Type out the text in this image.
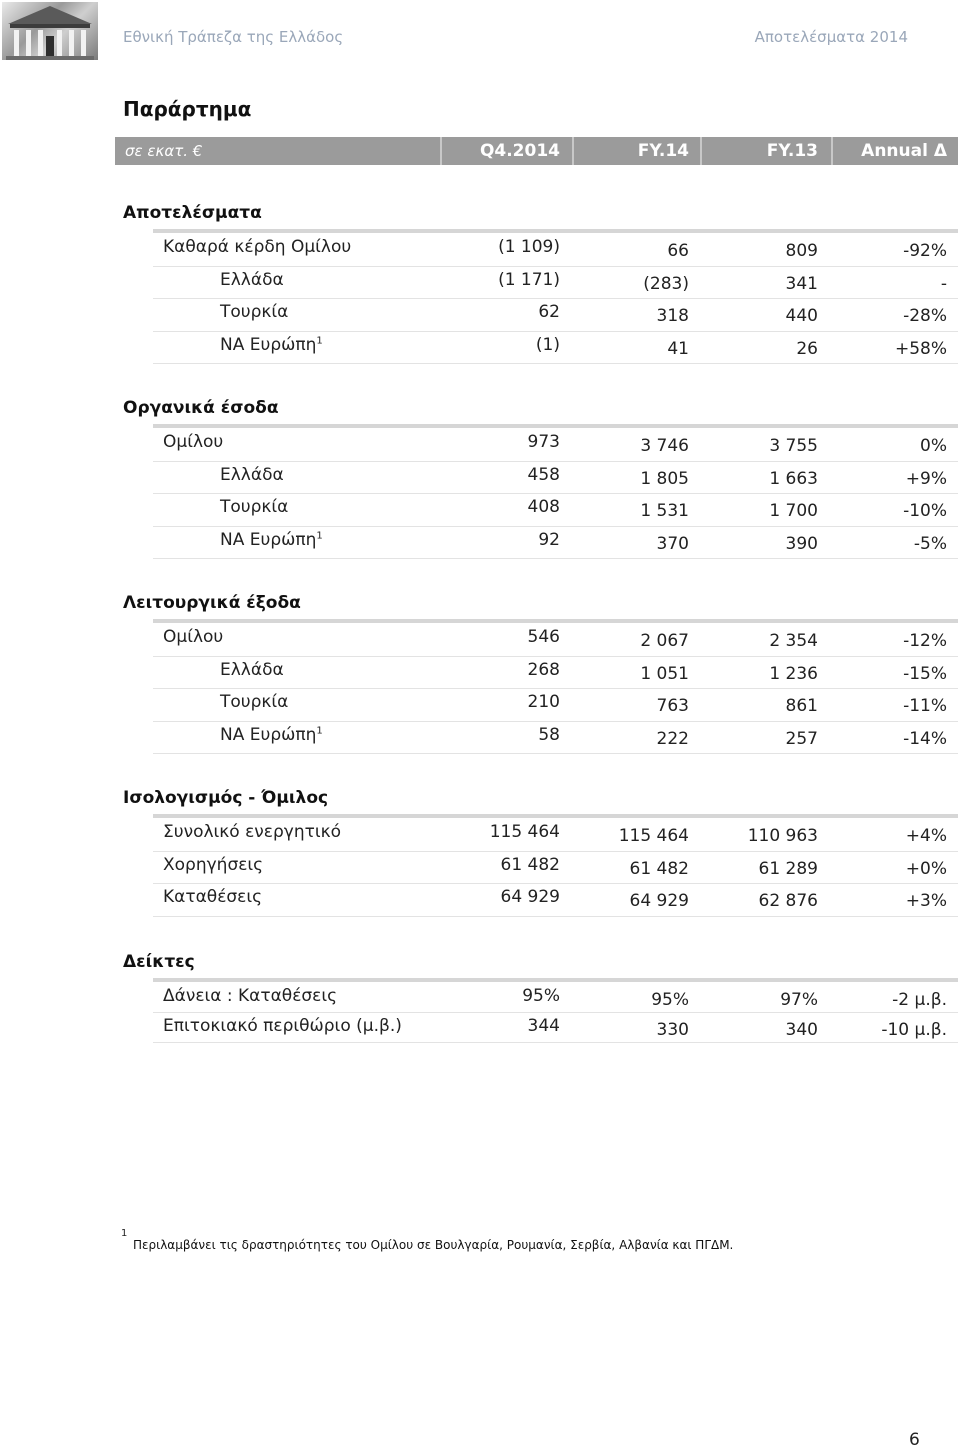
Εθνική Τράπεζα της Ελλάδος	Αποτελέσματα 2014
Παράρτημα
σε εκατ. €	Q4.2014	FY.14	FY.13	Annual Δ
Αποτελέσματα
Καθαρά κέρδη Ομίλου	(1 109)	66	809	-92%
Ελλάδα	(1 171)	(283)	341	-
Τουρκία	62	318	440	-28%
ΝΑ Ευρώπη$^1$	(1)	41	26	+58%
Οργανικά έσοδα
Ομίλου	973	3 746	3 755	0%
Ελλάδα	458	1 805	1 663	+9%
Τουρκία	408	1 531	1 700	-10%
ΝΑ Ευρώπη$^1$	92	370	390	-5%
Λειτουργικά έξοδα
Ομίλου	546	2 067	2 354	-12%
Ελλάδα	268	1 051	1 236	-15%
Τουρκία	210	763	861	-11%
ΝΑ Ευρώπη$^1$	58	222	257	-14%
Ισολογισμός - Όμιλος
Συνολικό ενεργητικό	115 464	115 464	110 963	+4%
Χορηγήσεις	61 482	61 482	61 289	+0%
Καταθέσεις	64 929	64 929	62 876	+3%
Δείκτες
Δάνεια : Καταθέσεις	95%	95%	97%	-2 μ.β.
Επιτοκιακό περιθώριο (μ.β.)	344	330	340	-10 μ.β.
1
Περιλαμβάνει τις δραστηριότητες του Ομίλου σε Βουλγαρία, Ρουμανία, Σερβία, Αλβανία και ΠΓΔΜ.
6
